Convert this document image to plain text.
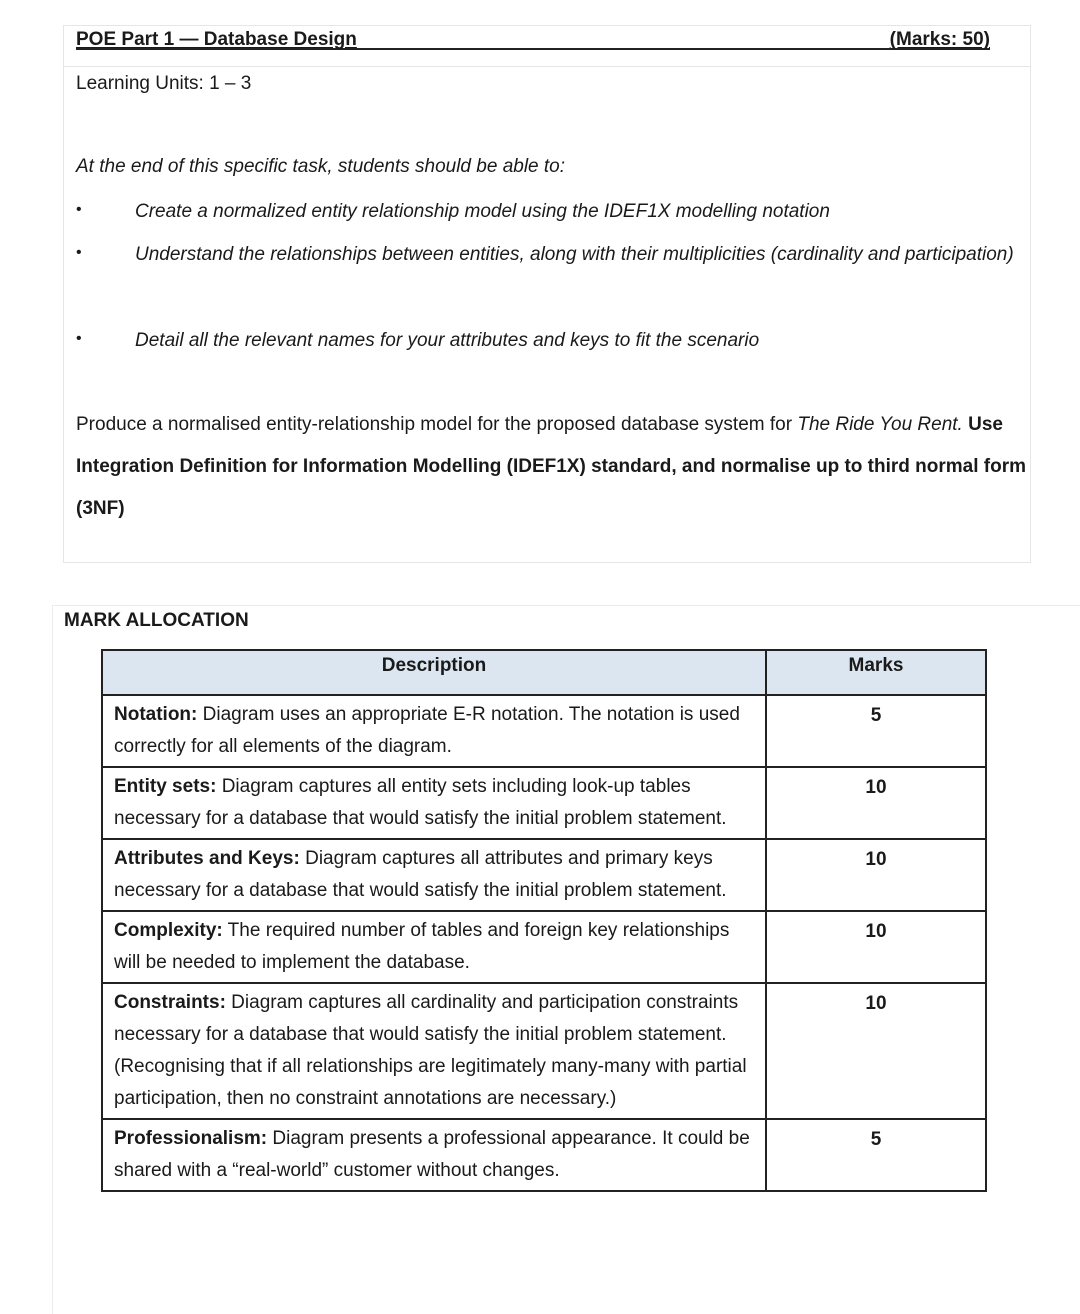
POE Part 1 — Database Design	(Marks: 50)
Learning Units: 1 – 3
At the end of this specific task, students should be able to:
•	Create a normalized entity relationship model using the IDEF1X modelling notation
•	Understand the relationships between entities, along with their multiplicities (cardinality and participation)
•	Detail all the relevant names for your attributes and keys to fit the scenario
Produce a normalised entity-relationship model for the proposed database system for The Ride You Rent. Use Integration Definition for Information Modelling (IDEF1X) standard, and normalise up to third normal form (3NF)
MARK ALLOCATION
Description	Marks
Notation: Diagram uses an appropriate E-R notation. The notation is used correctly for all elements of the diagram.	5
Entity sets: Diagram captures all entity sets including look-up tables necessary for a database that would satisfy the initial problem statement.	10
Attributes and Keys: Diagram captures all attributes and primary keys necessary for a database that would satisfy the initial problem statement.	10
Complexity: The required number of tables and foreign key relationships will be needed to implement the database.	10
Constraints: Diagram captures all cardinality and participation constraints necessary for a database that would satisfy the initial problem statement. (Recognising that if all relationships are legitimately many-many with partial participation, then no constraint annotations are necessary.)	10
Professionalism: Diagram presents a professional appearance. It could be shared with a “real-world” customer without changes.	5
